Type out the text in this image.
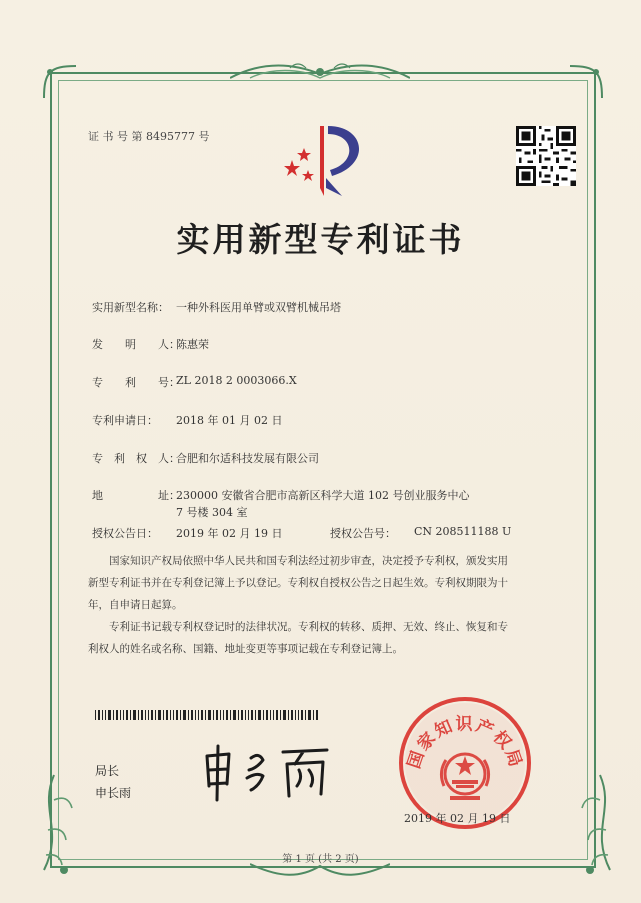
证 书 号 第 8495777 号
实用新型专利证书
实用新型名称： 一种外科医用单臂或双臂机械吊塔
发　　明　　人：
陈惠荣
专　　利　　号：
ZL 2018 2 0003066.X
专利申请日： 2018 年 01 月 02 日
专　利　权　人：
合肥和尔适科技发展有限公司
地　　　　　址：
230000 安徽省合肥市高新区科学大道 102 号创业服务中心
7 号楼 304 室
授权公告日： 2019 年 02 月 19 日	授权公告号： CN 208511188 U
国家知识产权局依照中华人民共和国专利法经过初步审查，决定授予专利权，颁发实用
新型专利证书并在专利登记簿上予以登记。专利权自授权公告之日起生效。专利权期限为十
年，自申请日起算。
专利证书记载专利权登记时的法律状况。专利权的转移、质押、无效、终止、恢复和专
利权人的姓名或名称、国籍、地址变更等事项记载在专利登记簿上。
局长
申长雨
国家知识产权局
2019 年 02 月 19 日
第 1 页 (共 2 页)
